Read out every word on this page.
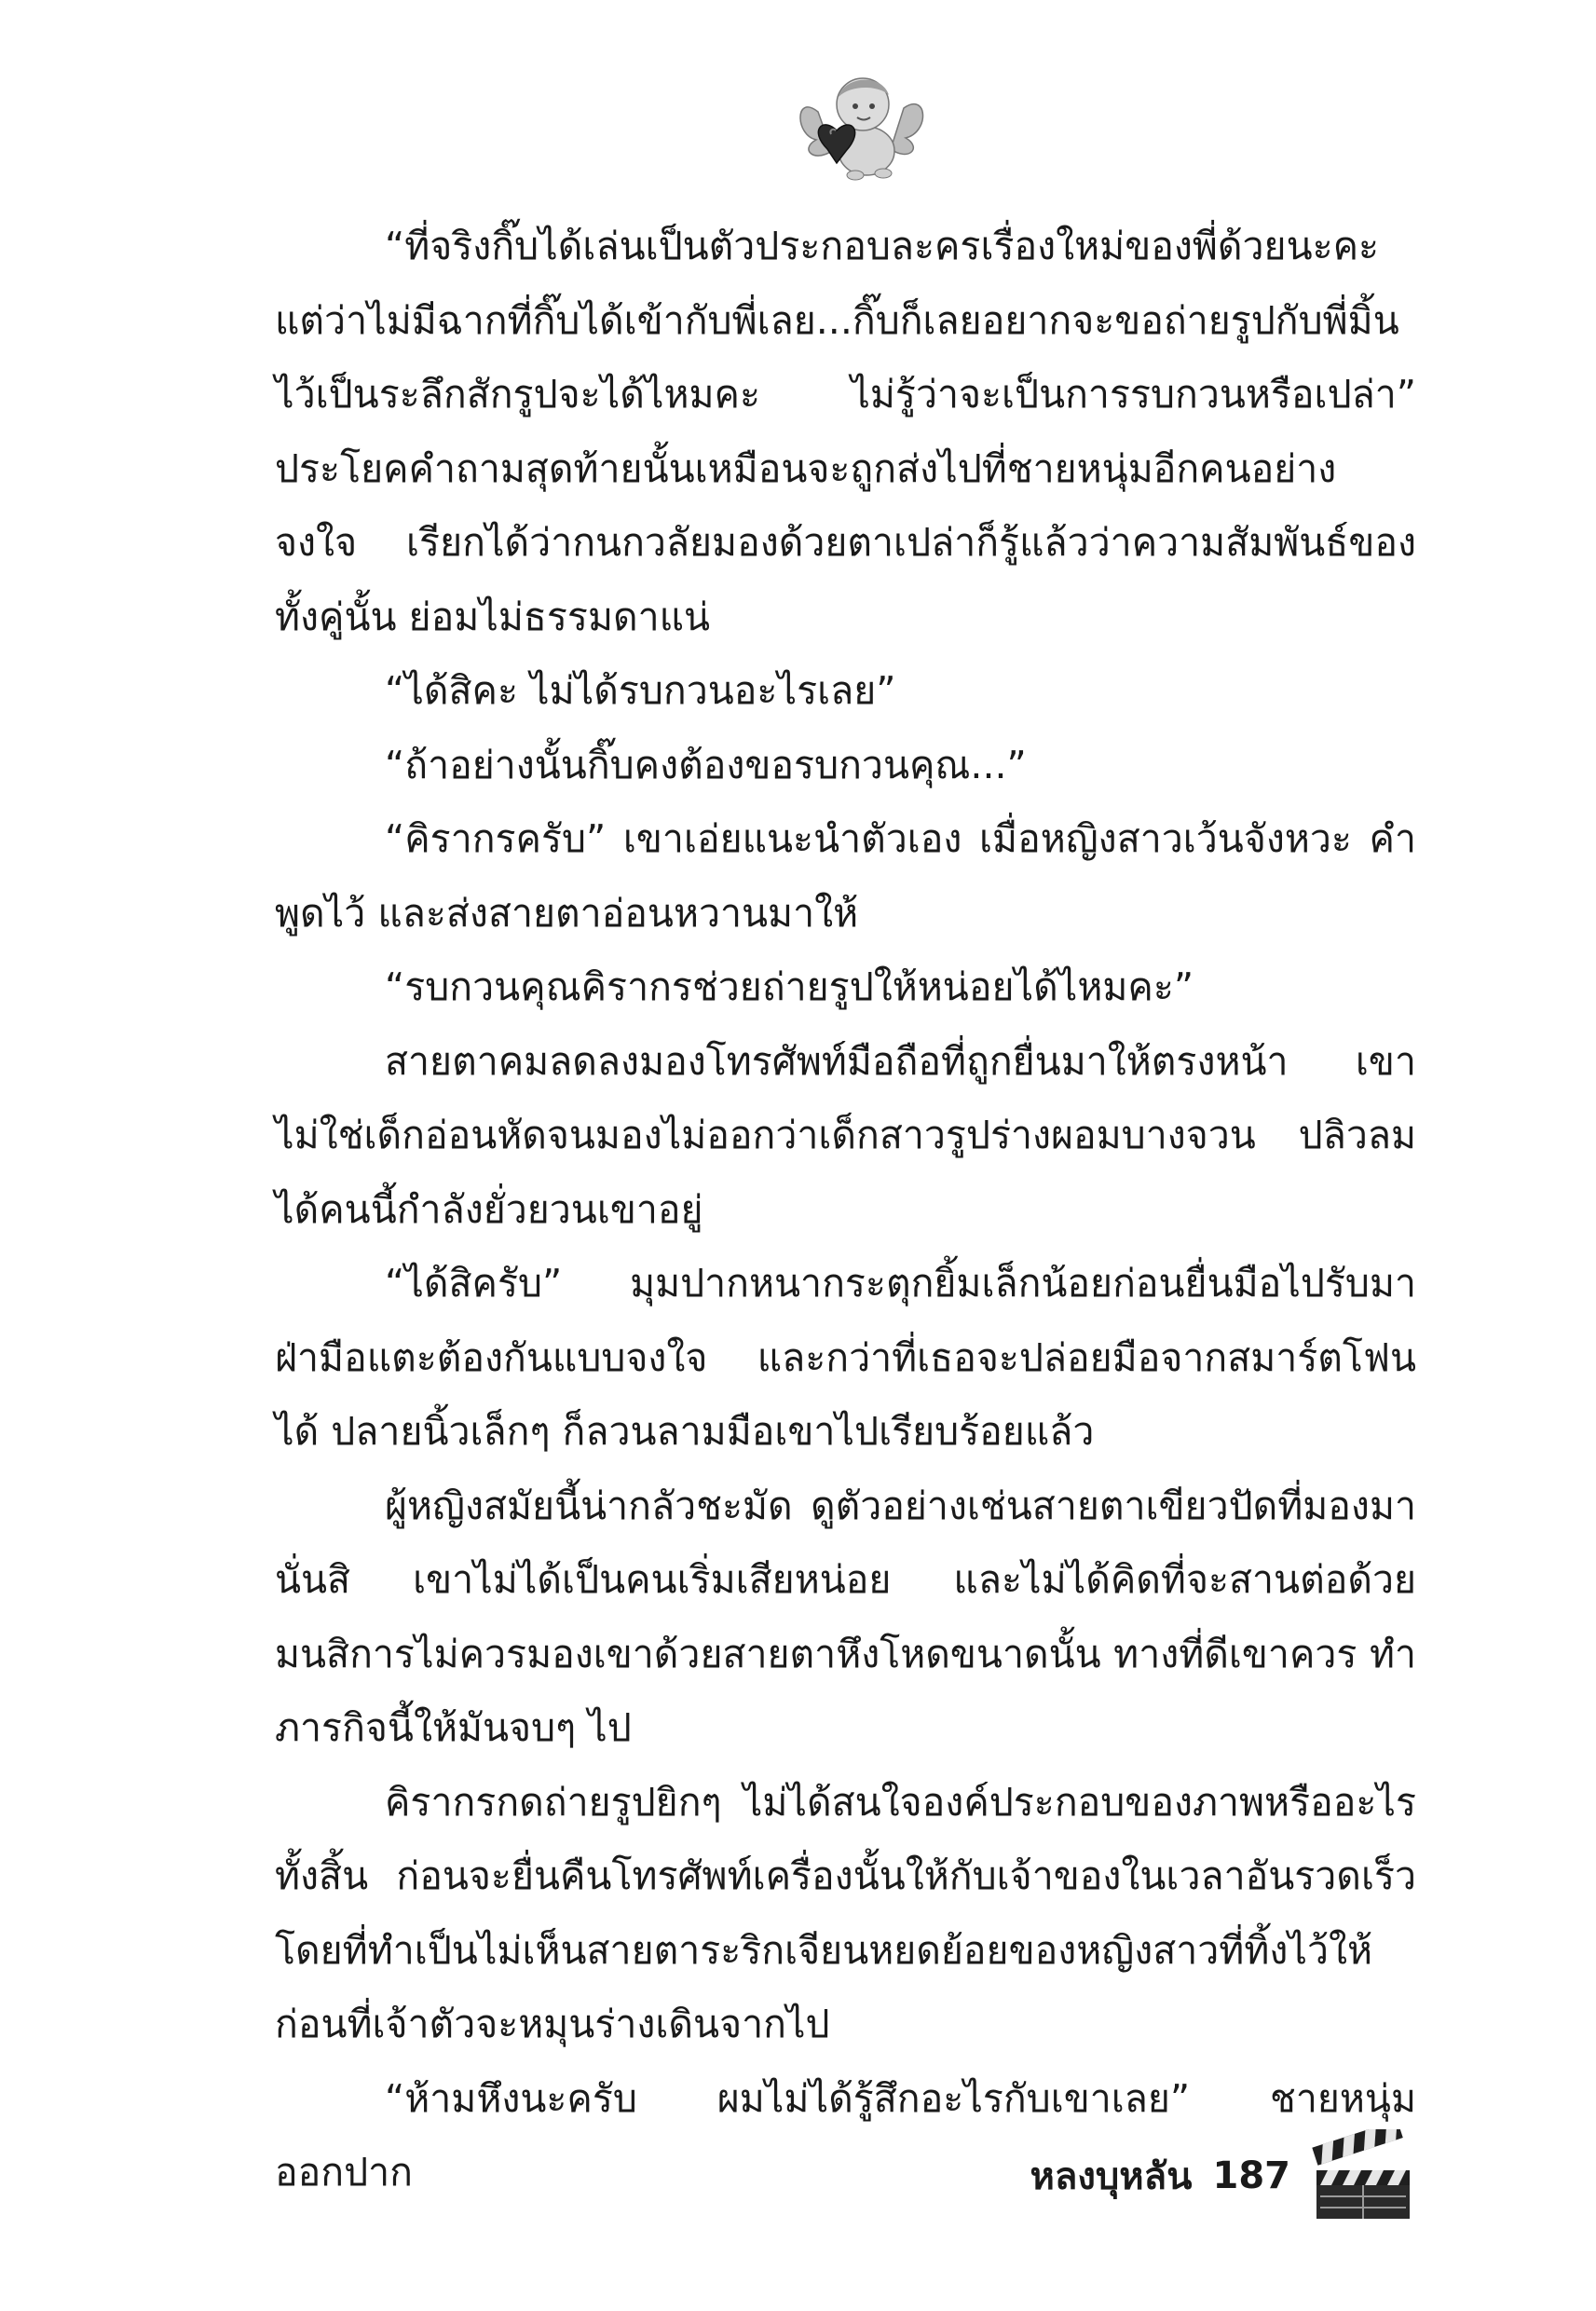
“ที่จริงกิ๊บได้เล่นเป็นตัวประกอบละครเรื่องใหม่ของพี่ด้วยนะคะ แต่ว่าไม่มีฉากที่กิ๊บได้เข้ากับพี่เลย...กิ๊บก็เลยอยากจะขอถ่ายรูปกับพี่มิ้น ไว้เป็นระลึกสักรูปจะได้ไหมคะ ไม่รู้ว่าจะเป็นการรบกวนหรือเปล่า” ประโยคคำถามสุดท้ายนั้นเหมือนจะถูกส่งไปที่ชายหนุ่มอีกคนอย่างจงใจ เรียกได้ว่ากนกวลัยมองด้วยตาเปล่าก็รู้แล้วว่าความสัมพันธ์ของทั้งคู่นั้น ย่อมไม่ธรรมดาแน่

“ได้สิคะ ไม่ได้รบกวนอะไรเลย”

“ถ้าอย่างนั้นกิ๊บคงต้องขอรบกวนคุณ...”

“คิรากรครับ” เขาเอ่ยแนะนำตัวเอง เมื่อหญิงสาวเว้นจังหวะ คำพูดไว้ และส่งสายตาอ่อนหวานมาให้

“รบกวนคุณคิรากรช่วยถ่ายรูปให้หน่อยได้ไหมคะ”

สายตาคมลดลงมองโทรศัพท์มือถือที่ถูกยื่นมาให้ตรงหน้า เขาไม่ใช่เด็กอ่อนหัดจนมองไม่ออกว่าเด็กสาวรูปร่างผอมบางจวน ปลิวลมได้คนนี้กำลังยั่วยวนเขาอยู่

“ได้สิครับ” มุมปากหนากระตุกยิ้มเล็กน้อยก่อนยื่นมือไปรับมา ฝ่ามือแตะต้องกันแบบจงใจ และกว่าที่เธอจะปล่อยมือจากสมาร์ตโฟนได้ ปลายนิ้วเล็กๆ ก็ลวนลามมือเขาไปเรียบร้อยแล้ว

ผู้หญิงสมัยนี้น่ากลัวชะมัด ดูตัวอย่างเช่นสายตาเขียวปัดที่มองมา นั่นสิ เขาไม่ได้เป็นคนเริ่มเสียหน่อย และไม่ได้คิดที่จะสานต่อด้วย มนสิการไม่ควรมองเขาด้วยสายตาหึงโหดขนาดนั้น ทางที่ดีเขาควร ทำภารกิจนี้ให้มันจบๆ ไป

คิรากรกดถ่ายรูปยิกๆ ไม่ได้สนใจองค์ประกอบของภาพหรืออะไร ทั้งสิ้น ก่อนจะยื่นคืนโทรศัพท์เครื่องนั้นให้กับเจ้าของในเวลาอันรวดเร็ว โดยที่ทำเป็นไม่เห็นสายตาระริกเจียนหยดย้อยของหญิงสาวที่ทิ้งไว้ให้ ก่อนที่เจ้าตัวจะหมุนร่างเดินจากไป

“ห้ามหึงนะครับ ผมไม่ได้รู้สึกอะไรกับเขาเลย” ชายหนุ่มออกปาก	หลงบุหลัน 187
